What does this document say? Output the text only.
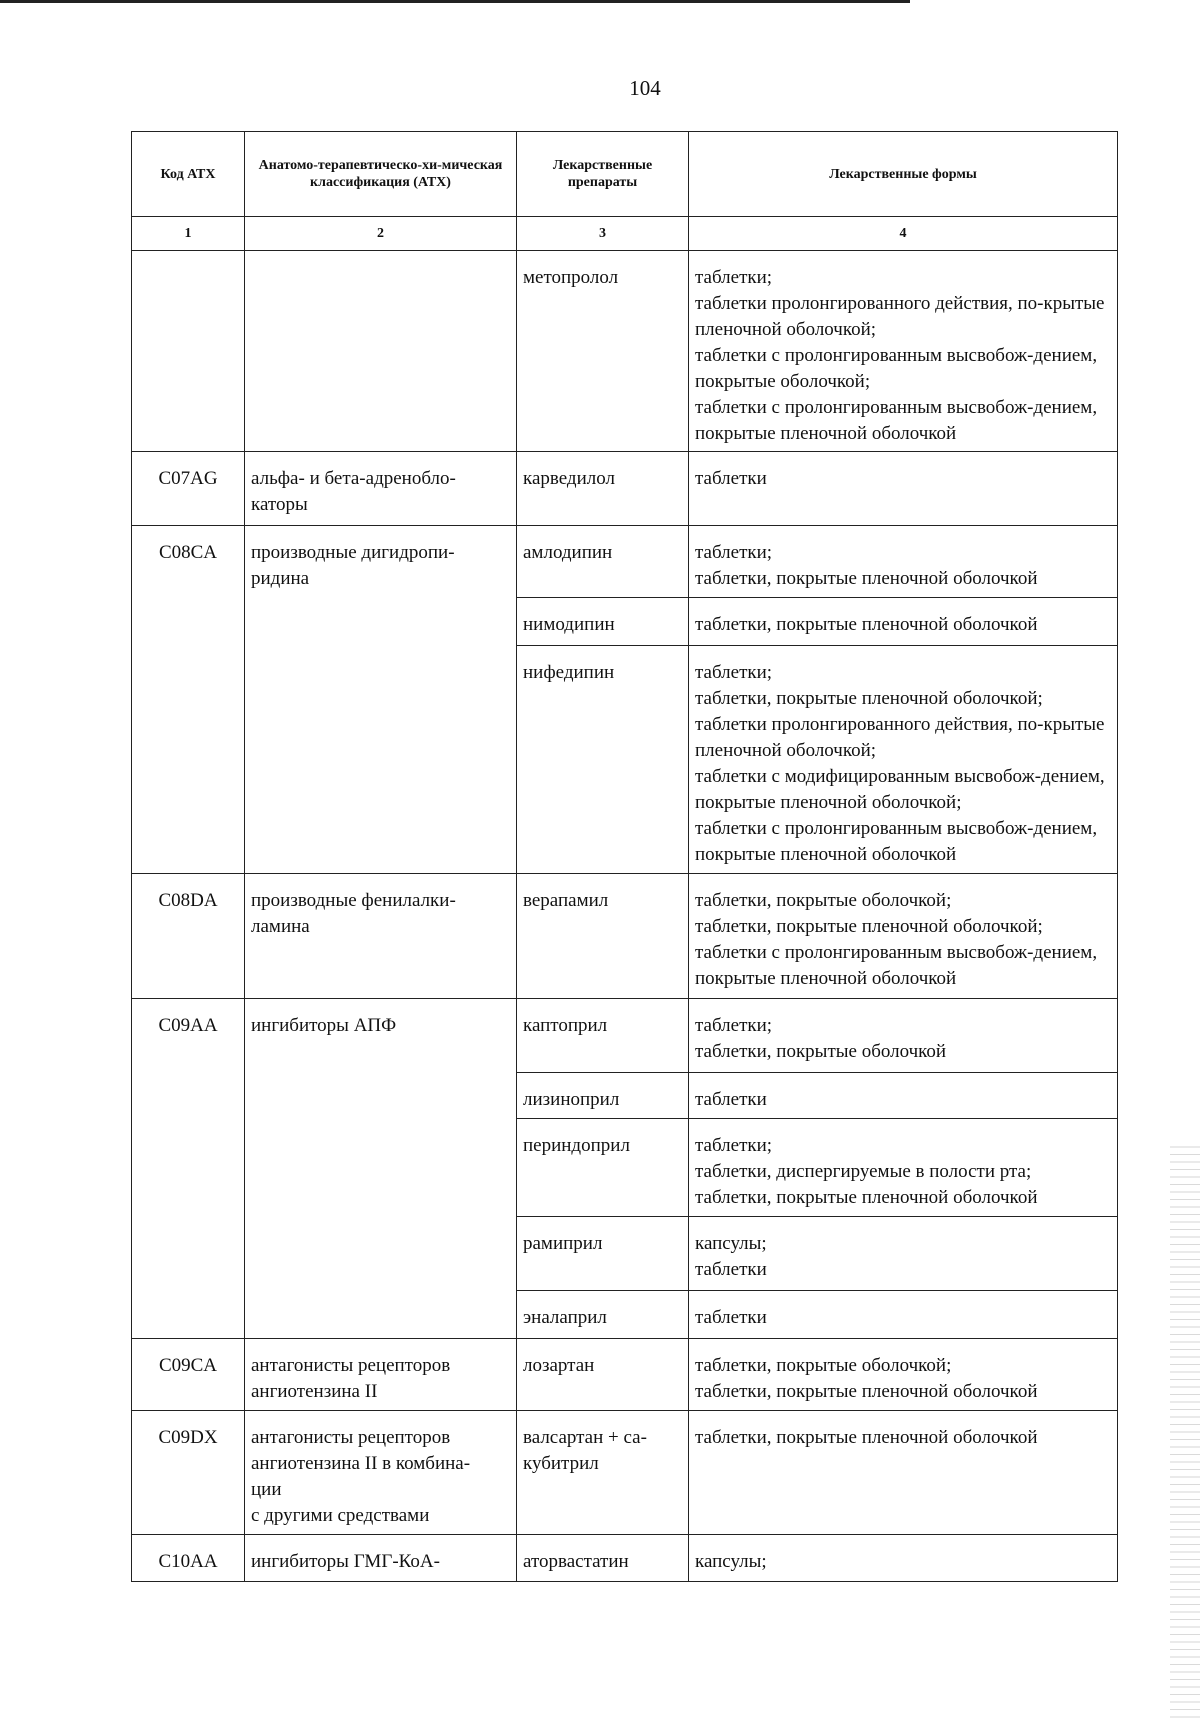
104
Код АТХ	Анатомо-терапевтическо-хи-мическая классификация (АТХ)	Лекарственные препараты	Лекарственные формы
1	2	3	4
		метопролол	таблетки;
таблетки пролонгированного действия, по-крытые пленочной оболочкой;
таблетки с пролонгированным высвобож-дением, покрытые оболочкой;
таблетки с пролонгированным высвобож-дением, покрытые пленочной оболочкой

C07AG	альфа- и бета-адренобло-каторы	карведилол	таблетки

C08CA	производные дигидропи-ридина	амлодипин	таблетки;
таблетки, покрытые пленочной оболочкой

		нимодипин	таблетки, покрытые пленочной оболочкой

		нифедипин	таблетки;
таблетки, покрытые пленочной оболочкой;
таблетки пролонгированного действия, по-крытые пленочной оболочкой;
таблетки с модифицированным высвобож-дением, покрытые пленочной оболочкой;
таблетки с пролонгированным высвобож-дением, покрытые пленочной оболочкой

C08DA	производные фенилалки-ламина	верапамил	таблетки, покрытые оболочкой;
таблетки, покрытые пленочной оболочкой;
таблетки с пролонгированным высвобож-дением, покрытые пленочной оболочкой

C09AA	ингибиторы АПФ	каптоприл	таблетки;
таблетки, покрытые оболочкой

		лизиноприл	таблетки

		периндоприл	таблетки;
таблетки, диспергируемые в полости рта;
таблетки, покрытые пленочной оболочкой

		рамиприл	капсулы;
таблетки

		эналаприл	таблетки

C09CA	антагонисты рецепторов ангиотензина II	лозартан	таблетки, покрытые оболочкой;
таблетки, покрытые пленочной оболочкой

C09DX	антагонисты рецепторов
ангиотензина II в комбина-
ции
с другими средствами	валсартан + са-кубитрил	таблетки, покрытые пленочной оболочкой

C10AA	ингибиторы ГМГ-КоА-	аторвастатин	капсулы;
